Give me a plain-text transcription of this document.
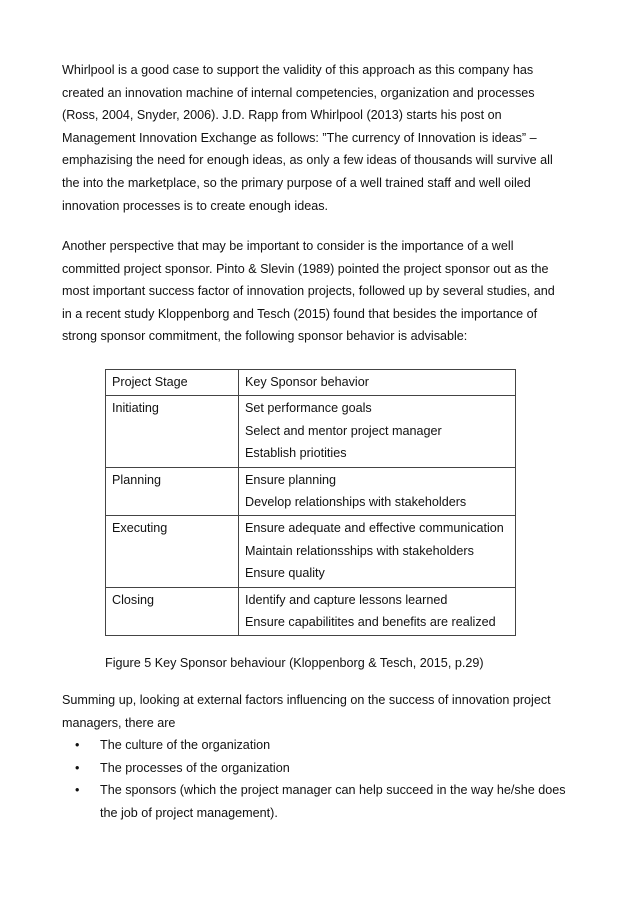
Whirlpool is a good case to support the validity of this approach as this company has
created an innovation machine of internal competencies, organization and processes
(Ross, 2004, Snyder, 2006). J.D. Rapp from Whirlpool (2013) starts his post on
Management Innovation Exchange as follows: ”The currency of Innovation is ideas” –
emphazising the need for enough ideas, as only a few ideas of thousands will survive all
the into the marketplace, so the primary purpose of a well trained staff and well oiled
innovation processes is to create enough ideas.

Another perspective that may be important to consider is the importance of a well
committed project sponsor. Pinto & Slevin (1989) pointed the project sponsor out as the
most important success factor of innovation projects, followed up by several studies, and
in a recent study Kloppenborg and Tesch (2015) found that besides the importance of
strong sponsor commitment, the following sponsor behavior is advisable:

Project Stage	Key Sponsor behavior
Initiating	Set performance goals
Select and mentor project manager
Establish priotities

Planning	Ensure planning
Develop relationships with stakeholders

Executing	Ensure adequate and effective communication
Maintain relationsships with stakeholders
Ensure quality

Closing	Identify and capture lessons learned
Ensure capabilitites and benefits are realized
Figure 5 Key Sponsor behaviour (Kloppenborg & Tesch, 2015, p.29)

Summing up, looking at external factors influencing on the success of innovation project
managers, there are

• The culture of the organization
• The processes of the organization
• The sponsors (which the project manager can help succeed in the way he/she does
the job of project management).
